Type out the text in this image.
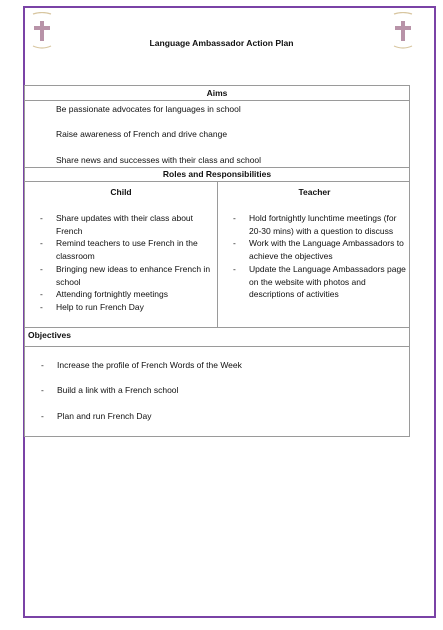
Language Ambassador Action Plan
Aims
Be passionate advocates for languages in school
Raise awareness of French and drive change
Share news and successes with their class and school
Roles and Responsibilities
Child	Teacher
- Share updates with their class about French
- Remind teachers to use French in the classroom
- Bringing new ideas to enhance French in school
- Attending fortnightly meetings
- Help to run French Day
- Hold fortnightly lunchtime meetings (for 20-30 mins) with a question to discuss
- Work with the Language Ambassadors to achieve the objectives
- Update the Language Ambassadors page on the website with photos and descriptions of activities
Objectives
- Increase the profile of French Words of the Week
- Build a link with a French school
- Plan and run French Day
